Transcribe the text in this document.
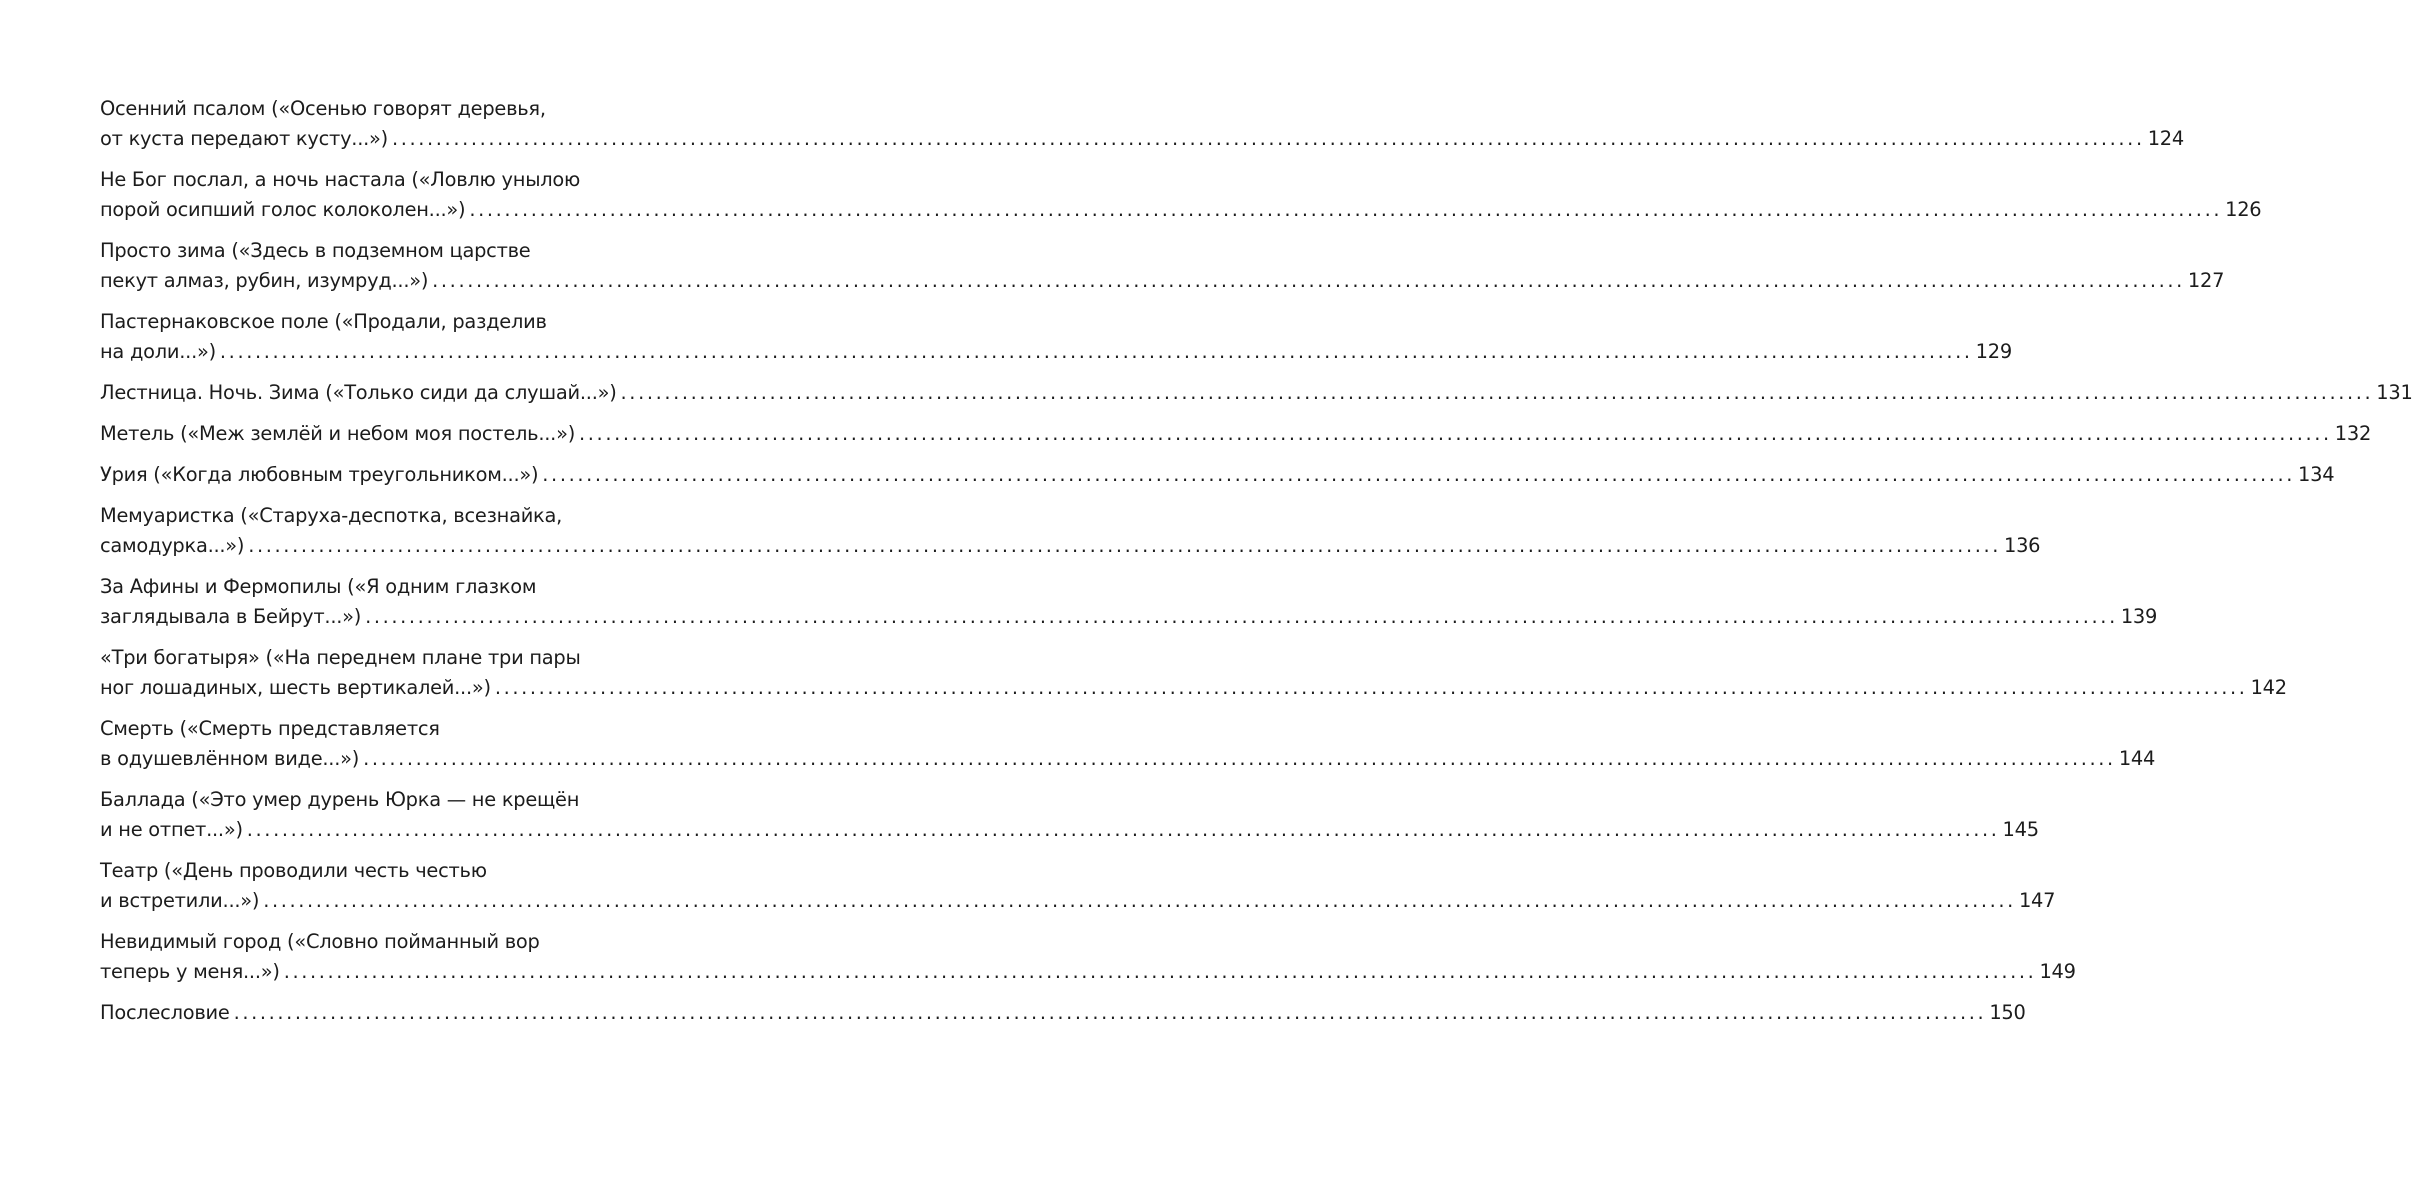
Осенний псалом («Осенью говорят деревья,
от куста передают кусту...») ........................................................................................................................................................................................................ 124
Не Бог послал, а ночь настала («Ловлю унылою
порой осипший голос колоколен...») ........................................................................................................................................................................................................ 126
Просто зима («Здесь в подземном царстве
пекут алмаз, рубин, изумруд...») ........................................................................................................................................................................................................ 127
Пастернаковское поле («Продали, разделив
на доли...») ........................................................................................................................................................................................................ 129
Лестница. Ночь. Зима («Только сиди да слушай...») ........................................................................................................................................................................................................ 131
Метель («Меж землёй и небом моя постель...») ........................................................................................................................................................................................................ 132
Урия («Когда любовным треугольником...») ........................................................................................................................................................................................................ 134
Мемуаристка («Старуха-деспотка, всезнайка,
самодурка...») ........................................................................................................................................................................................................ 136
За Афины и Фермопилы («Я одним глазком
заглядывала в Бейрут...») ........................................................................................................................................................................................................ 139
«Три богатыря» («На переднем плане три пары
ног лошадиных, шесть вертикалей...») ........................................................................................................................................................................................................ 142
Смерть («Смерть представляется
в одушевлённом виде...») ........................................................................................................................................................................................................ 144
Баллада («Это умер дурень Юрка — не крещён
и не отпет...») ........................................................................................................................................................................................................ 145
Театр («День проводили честь честью
и встретили...») ........................................................................................................................................................................................................ 147
Невидимый город («Словно пойманный вор
теперь у меня...») ........................................................................................................................................................................................................ 149
Послесловие ........................................................................................................................................................................................................ 150
